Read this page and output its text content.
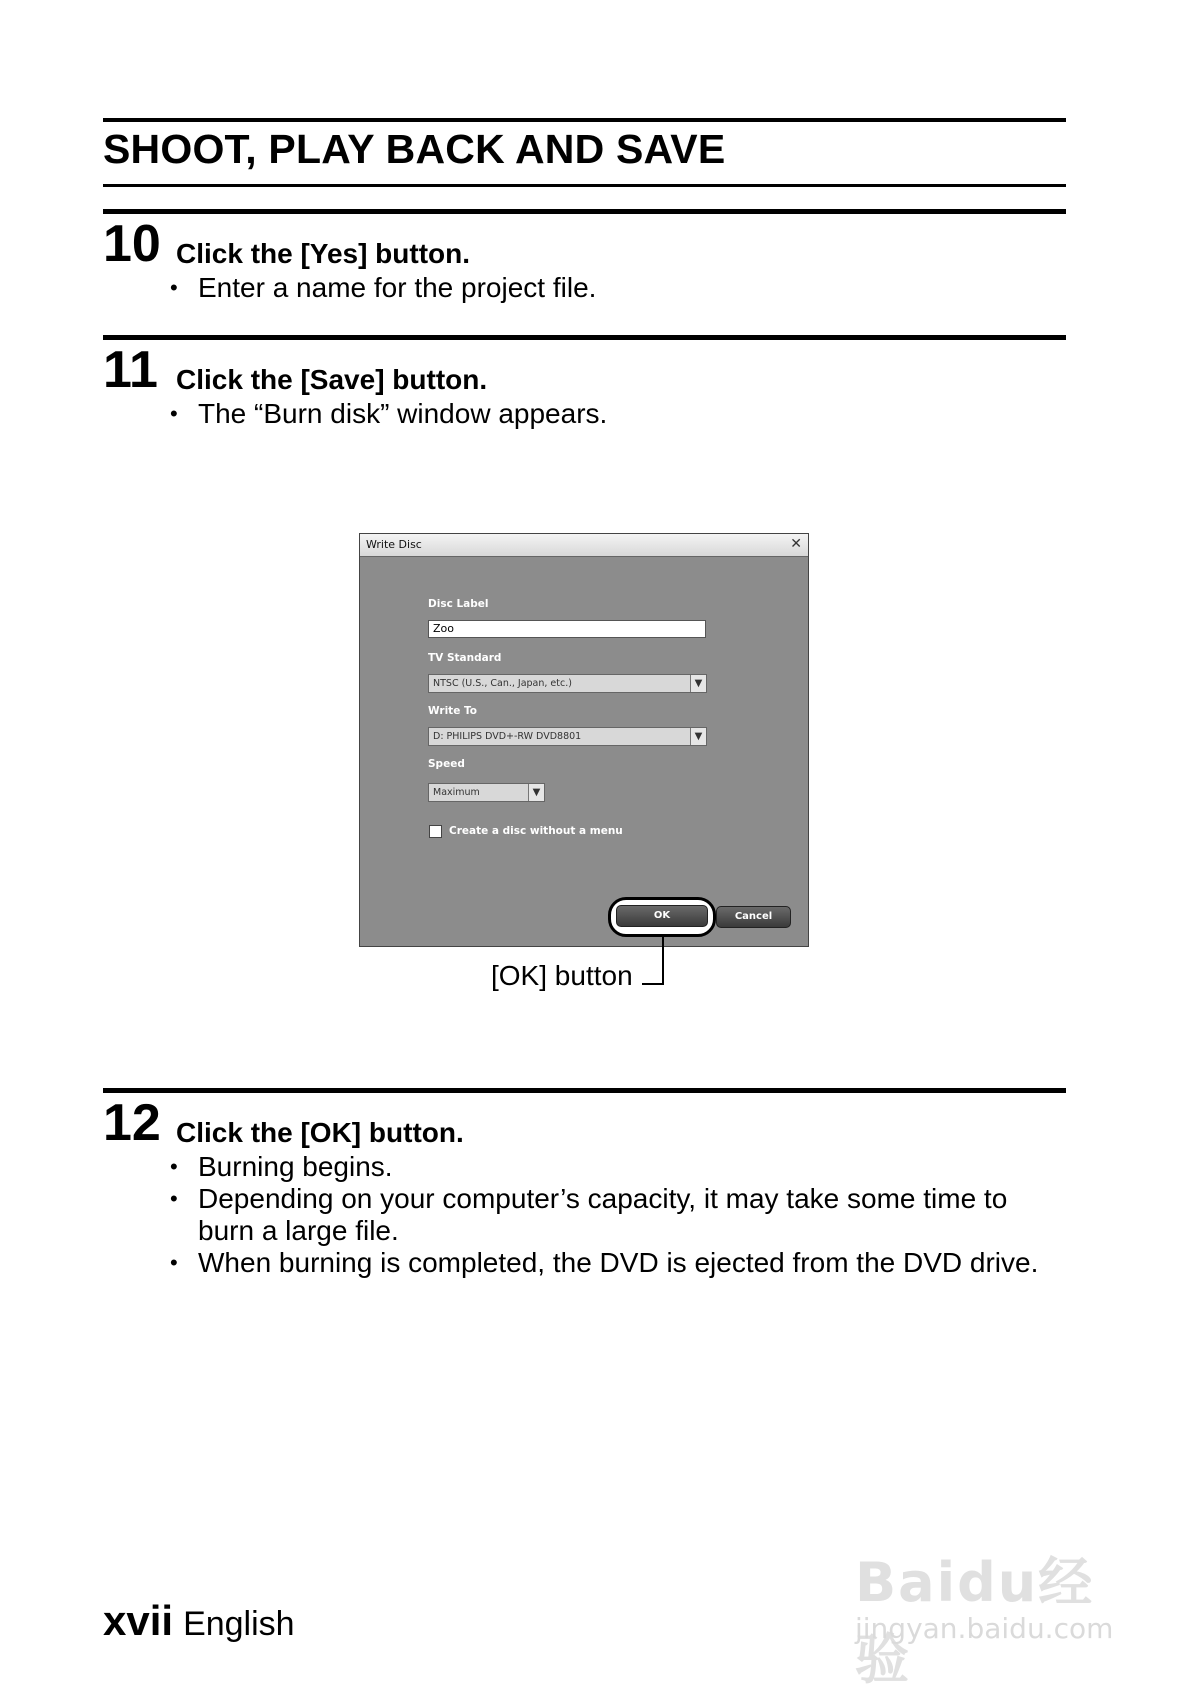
SHOOT, PLAY BACK AND SAVE
10 Click the [Yes] button.
• Enter a name for the project file.
11 Click the [Save] button.
• The “Burn disk” window appears.
Write Disc	✕
Disc Label
Zoo
TV Standard
NTSC (U.S., Can., Japan, etc.)	▼
Write To
D: PHILIPS DVD+-RW DVD8801	▼
Speed
Maximum	▼
Create a disc without a menu
OK	Cancel
[OK] button
12 Click the [OK] button.
• Burning begins.
• Depending on your computer’s capacity, it may take some time to burn a large file.
• When burning is completed, the DVD is ejected from the DVD drive.
xvii English
Baidu经验
jingyan.baidu.com
